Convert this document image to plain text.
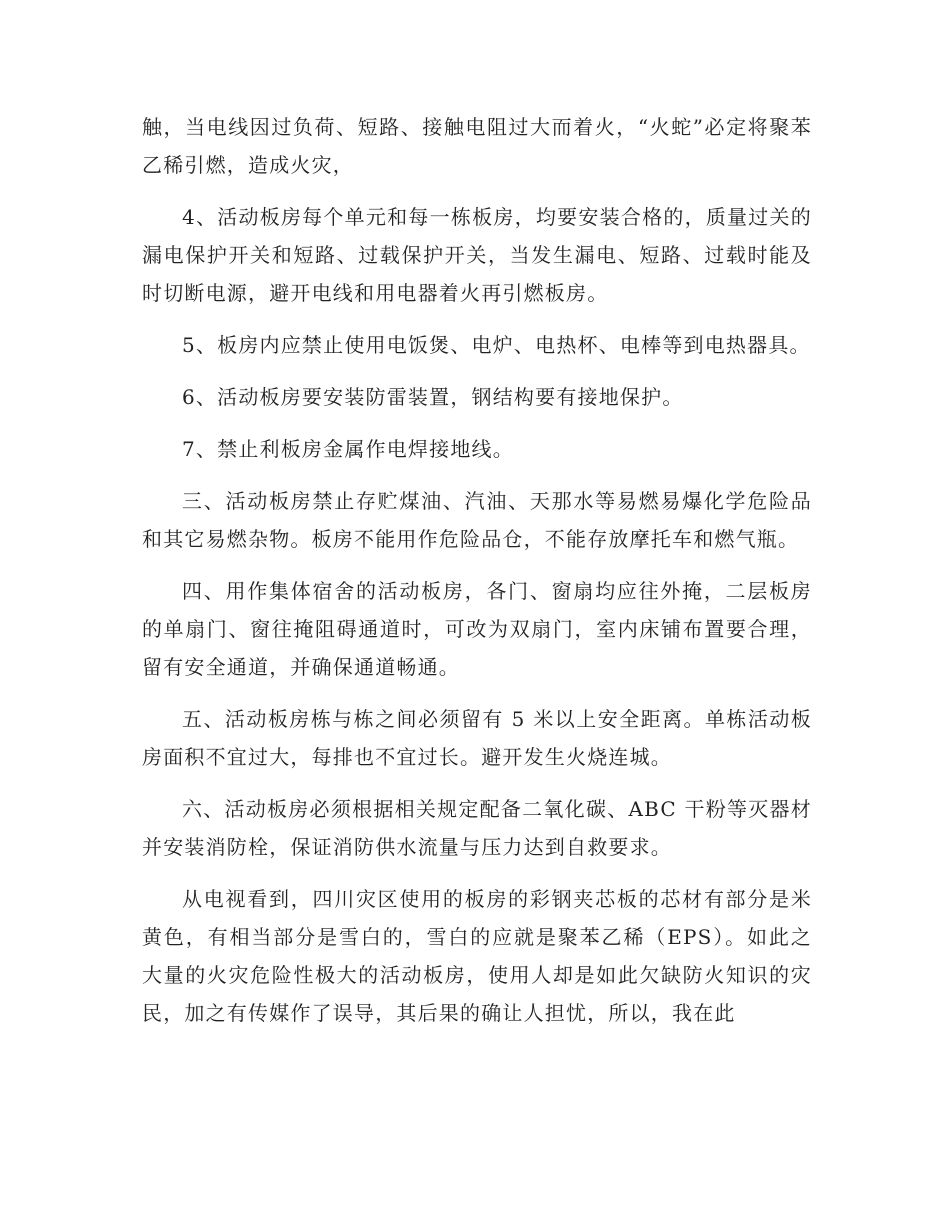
触，当电线因过负荷、短路、接触电阻过大而着火，“火蛇”必定将聚苯乙稀引燃，造成火灾，

4、活动板房每个单元和每一栋板房，均要安装合格的，质量过关的漏电保护开关和短路、过载保护开关，当发生漏电、短路、过载时能及时切断电源，避开电线和用电器着火再引燃板房。

5、板房内应禁止使用电饭煲、电炉、电热杯、电棒等到电热器具。

6、活动板房要安装防雷装置，钢结构要有接地保护。

7、禁止利板房金属作电焊接地线。

三、活动板房禁止存贮煤油、汽油、天那水等易燃易爆化学危险品和其它易燃杂物。板房不能用作危险品仓，不能存放摩托车和燃气瓶。

四、用作集体宿舍的活动板房，各门、窗扇均应往外掩，二层板房的单扇门、窗往掩阻碍通道时，可改为双扇门，室内床铺布置要合理，留有安全通道，并确保通道畅通。

五、活动板房栋与栋之间必须留有 5 米以上安全距离。单栋活动板房面积不宜过大，每排也不宜过长。避开发生火烧连城。

六、活动板房必须根据相关规定配备二氧化碳、ABC 干粉等灭器材并安装消防栓，保证消防供水流量与压力达到自救要求。

从电视看到，四川灾区使用的板房的彩钢夹芯板的芯材有部分是米黄色，有相当部分是雪白的，雪白的应就是聚苯乙稀（EPS）。如此之大量的火灾危险性极大的活动板房，使用人却是如此欠缺防火知识的灾民，加之有传媒作了误导，其后果的确让人担忧，所以，我在此
